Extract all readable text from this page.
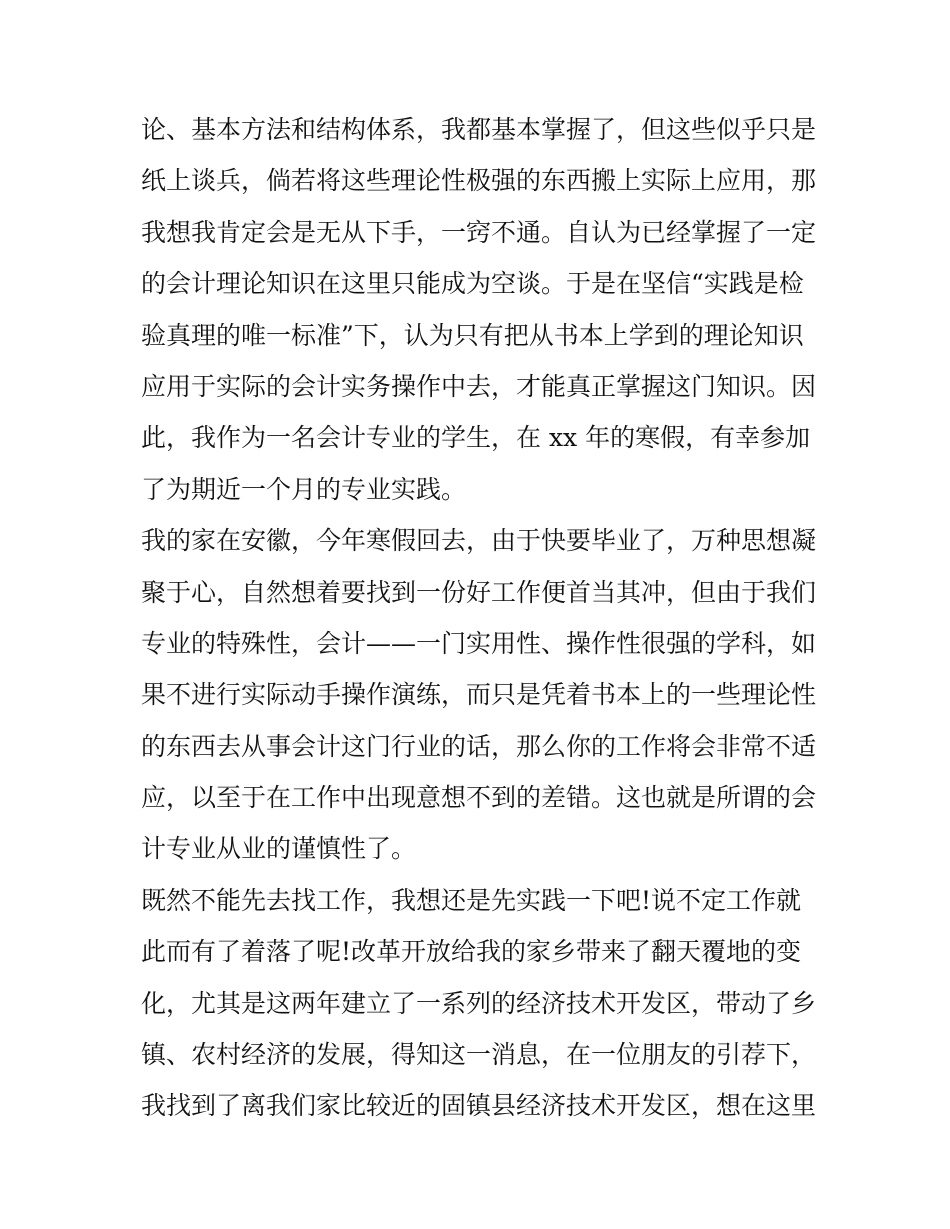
论、基本方法和结构体系，我都基本掌握了，但这些似乎只是
纸上谈兵，倘若将这些理论性极强的东西搬上实际上应用，那
我想我肯定会是无从下手，一窍不通。自认为已经掌握了一定
的会计理论知识在这里只能成为空谈。于是在坚信“实践是检
验真理的唯一标准”下，认为只有把从书本上学到的理论知识
应用于实际的会计实务操作中去，才能真正掌握这门知识。因
此，我作为一名会计专业的学生，在 xx 年的寒假，有幸参加
了为期近一个月的专业实践。
我的家在安徽，今年寒假回去，由于快要毕业了，万种思想凝
聚于心，自然想着要找到一份好工作便首当其冲，但由于我们
专业的特殊性，会计——一门实用性、操作性很强的学科，如
果不进行实际动手操作演练，而只是凭着书本上的一些理论性
的东西去从事会计这门行业的话，那么你的工作将会非常不适
应，以至于在工作中出现意想不到的差错。这也就是所谓的会
计专业从业的谨慎性了。
既然不能先去找工作，我想还是先实践一下吧!说不定工作就
此而有了着落了呢!改革开放给我的家乡带来了翻天覆地的变
化，尤其是这两年建立了一系列的经济技术开发区，带动了乡
镇、农村经济的发展，得知这一消息，在一位朋友的引荐下，
我找到了离我们家比较近的固镇县经济技术开发区，想在这里
